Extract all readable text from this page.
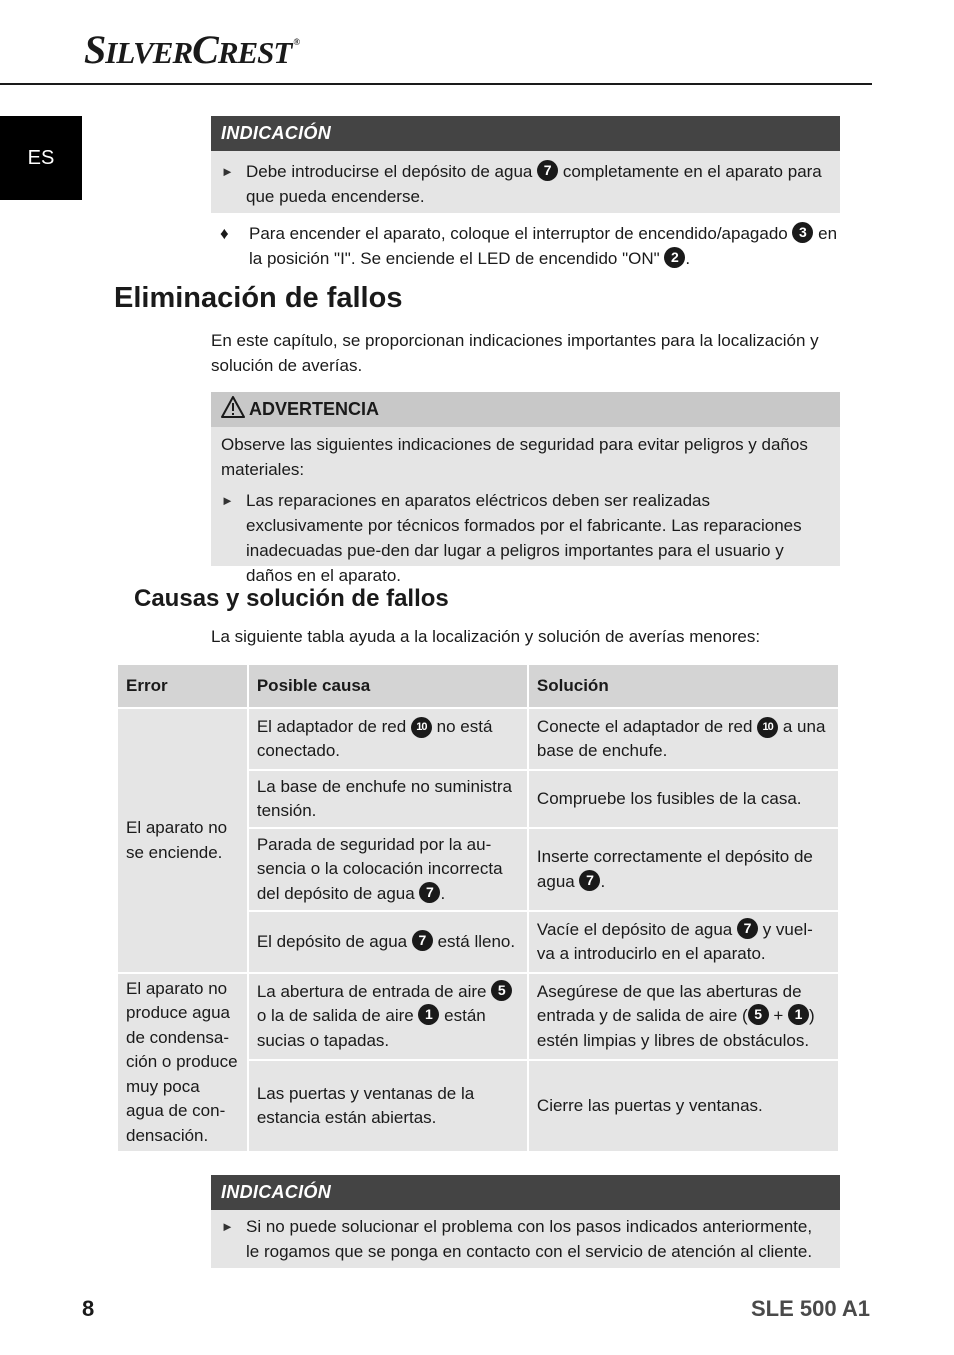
SILVERCREST ®
ES
INDICACIÓN
► Debe introducirse el depósito de agua 7 completamente en el aparato para que pueda encenderse.
♦ Para encender el aparato, coloque el interruptor de encendido/apagado 3 en la posición "I". Se enciende el LED de encendido "ON" 2 .
Eliminación de fallos
En este capítulo, se proporcionan indicaciones importantes para la localización y solución de averías.
ADVERTENCIA
Observe las siguientes indicaciones de seguridad para evitar peligros y daños materiales:
► Las reparaciones en aparatos eléctricos deben ser realizadas exclusivamente por técnicos formados por el fabricante. Las reparaciones inadecuadas pue-den dar lugar a peligros importantes para el usuario y daños en el aparato.
Causas y solución de fallos
La siguiente tabla ayuda a la localización y solución de averías menores:
Error	Posible causa	Solución
El aparato no se enciende.	El adaptador de red 10 no está conectado.	Conecte el adaptador de red 10 a una base de enchufe.
	La base de enchufe no suministra tensión.	Compruebe los fusibles de la casa.
	Parada de seguridad por la au-sencia o la colocación incorrecta del depósito de agua 7 .	Inserte correctamente el depósito de agua 7 .
	El depósito de agua 7 está lleno.	Vacíe el depósito de agua 7 y vuel-va a introducirlo en el aparato.
El aparato no produce agua de condensa-ción o produce muy poca agua de con-densación.	La abertura de entrada de aire 5 o la de salida de aire 1 están sucias o tapadas.	Asegúrese de que las aberturas de entrada y de salida de aire ( 5 + 1 ) estén limpias y libres de obstáculos.
	Las puertas y ventanas de la estancia están abiertas.	Cierre las puertas y ventanas.
INDICACIÓN
► Si no puede solucionar el problema con los pasos indicados anteriormente, le rogamos que se ponga en contacto con el servicio de atención al cliente.
8	SLE 500 A1
